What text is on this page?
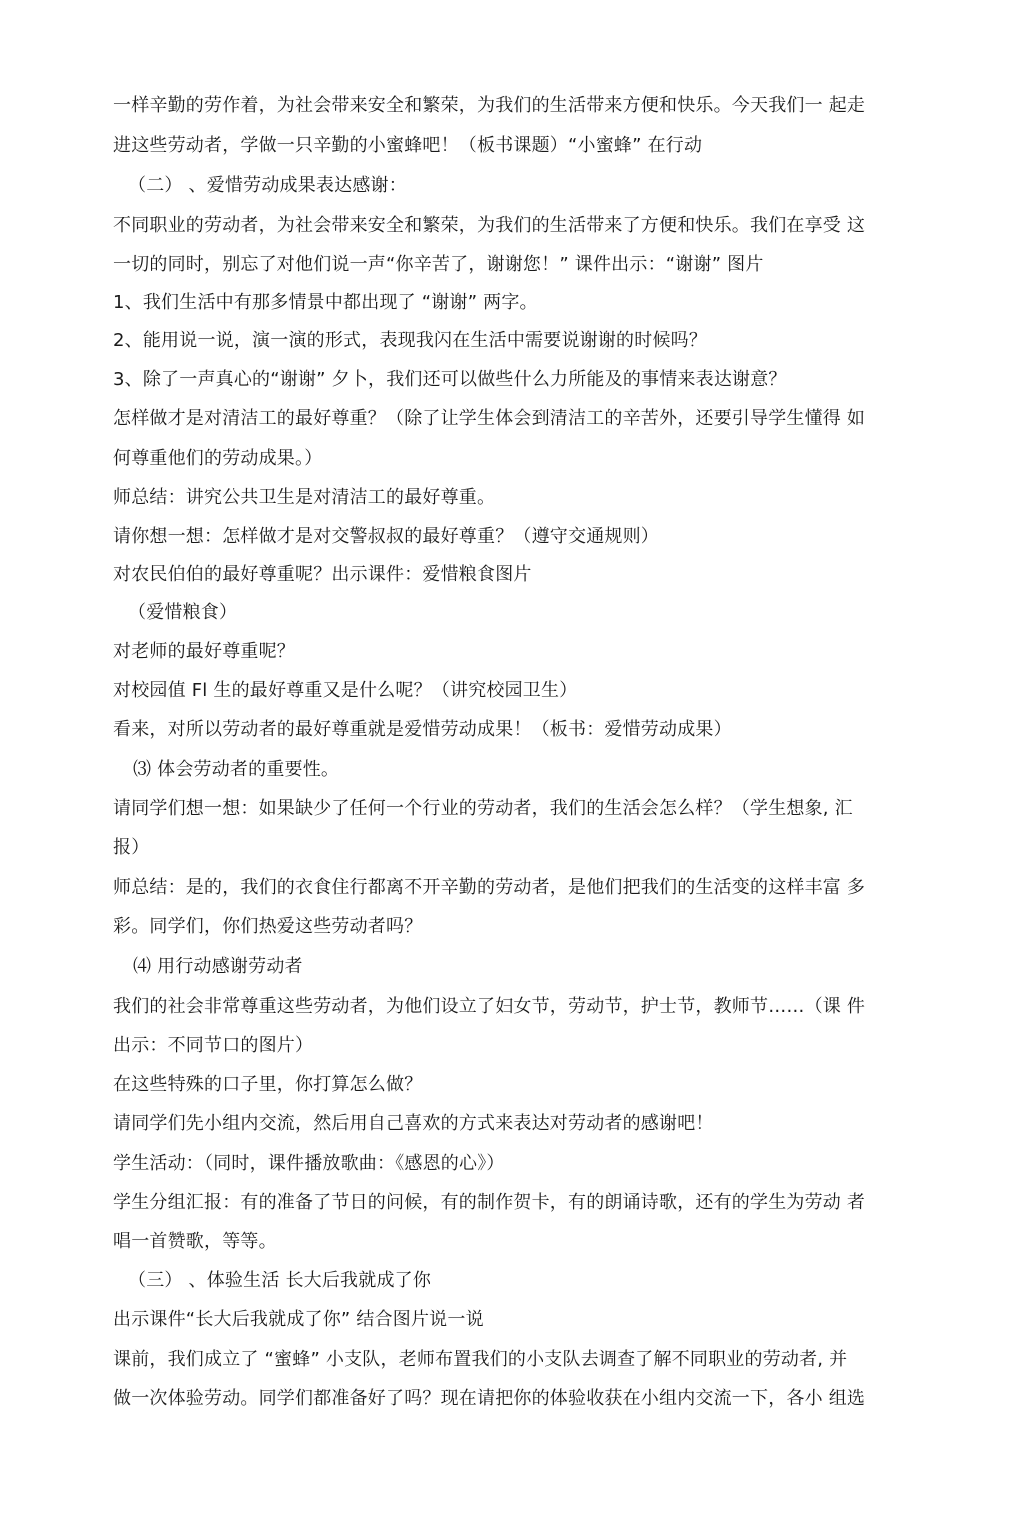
一样辛勤的劳作着，为社会带来安全和繁荣，为我们的生活带来方便和快乐。今天我们一 起走
进这些劳动者，学做一只辛勤的小蜜蜂吧！（板书课题）“小蜜蜂” 在行动
（二） 、爱惜劳动成果表达感谢：
不同职业的劳动者，为社会带来安全和繁荣，为我们的生活带来了方便和快乐。我们在享受 这
一切的同时，别忘了对他们说一声“你辛苦了，谢谢您！” 课件出示：“谢谢” 图片
1、我们生活中有那多情景中都出现了 “谢谢” 两字。
2、能用说一说，演一演的形式，表现我闪在生活中需要说谢谢的时候吗？
3、除了一声真心的“谢谢” 夕卜，我们还可以做些什么力所能及的事情来表达谢意？
怎样做才是对清洁工的最好尊重？（除了让学生体会到清洁工的辛苦外，还要引导学生懂得 如
何尊重他们的劳动成果。）
师总结：讲究公共卫生是对清洁工的最好尊重。
请你想一想：怎样做才是对交警叔叔的最好尊重？（遵守交通规则）
对农民伯伯的最好尊重呢？出示课件：爱惜粮食图片
（爱惜粮食）
对老师的最好尊重呢？
对校园值 Fl 生的最好尊重又是什么呢？（讲究校园卫生）
看来，对所以劳动者的最好尊重就是爱惜劳动成果！（板书：爱惜劳动成果）
⑶ 体会劳动者的重要性。
请同学们想一想：如果缺少了任何一个行业的劳动者，我们的生活会怎么样？（学生想象, 汇
报）
师总结：是的，我们的衣食住行都离不开辛勤的劳动者，是他们把我们的生活变的这样丰富 多
彩。同学们，你们热爱这些劳动者吗？
⑷ 用行动感谢劳动者
我们的社会非常尊重这些劳动者，为他们设立了妇女节，劳动节，护士节，教师节……（课 件
出示：不同节口的图片）
在这些特殊的口子里，你打算怎么做？
请同学们先小组内交流，然后用自己喜欢的方式来表达对劳动者的感谢吧！
学生活动：（同时，课件播放歌曲：《感恩的心》）
学生分组汇报：有的准备了节日的问候，有的制作贺卡，有的朗诵诗歌，还有的学生为劳动 者
唱一首赞歌，等等。
（三） 、体验生活 长大后我就成了你
出示课件“长大后我就成了你” 结合图片说一说
课前，我们成立了 “蜜蜂” 小支队，老师布置我们的小支队去调查了解不同职业的劳动者, 并
做一次体验劳动。同学们都准备好了吗？现在请把你的体验收获在小组内交流一下，各小 组选
